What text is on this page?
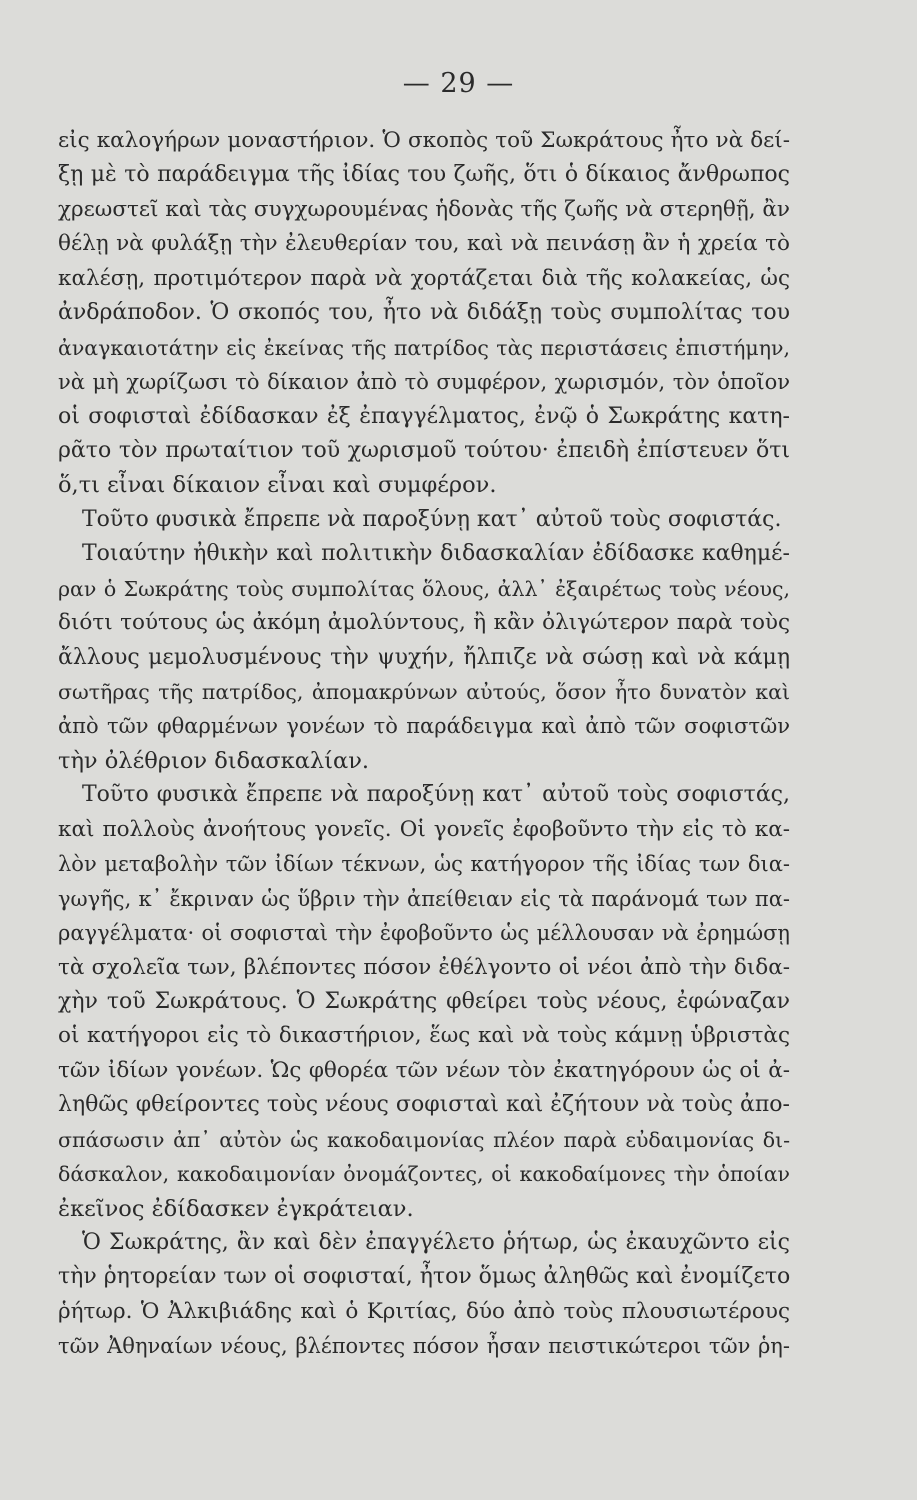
— 29 —
εἰς καλογήρων μοναστήριον. Ὁ σκοπὸς τοῦ Σωκράτους ἦτο νὰ δεί-
ξῃ μὲ τὸ παράδειγμα τῆς ἰδίας του ζωῆς, ὅτι ὁ δίκαιος ἄνθρωπος
χρεωστεῖ καὶ τὰς συγχωρουμένας ἡδονὰς τῆς ζωῆς νὰ στερηθῇ, ἂν
θέλῃ νὰ φυλάξῃ τὴν ἐλευθερίαν του, καὶ νὰ πεινάσῃ ἂν ἡ χρεία τὸ
καλέσῃ, προτιμότερον παρὰ νὰ χορτάζεται διὰ τῆς κολακείας, ὡς
ἀνδράποδον. Ὁ σκοπός του, ἦτο νὰ διδάξῃ τοὺς συμπολίτας του
ἀναγκαιοτάτην εἰς ἐκείνας τῆς πατρίδος τὰς περιστάσεις ἐπιστήμην,
νὰ μὴ χωρίζωσι τὸ δίκαιον ἀπὸ τὸ συμφέρον, χωρισμόν, τὸν ὁποῖον
οἱ σοφισταὶ ἐδίδασκαν ἐξ ἐπαγγέλματος, ἐνῷ ὁ Σωκράτης κατη-
ρᾶτο τὸν πρωταίτιον τοῦ χωρισμοῦ τούτου· ἐπειδὴ ἐπίστευεν ὅτι
ὅ,τι εἶναι δίκαιον εἶναι καὶ συμφέρον.
Τοῦτο φυσικὰ ἔπρεπε νὰ παροξύνῃ κατ᾽ αὐτοῦ τοὺς σοφιστάς.
Τοιαύτην ἠθικὴν καὶ πολιτικὴν διδασκαλίαν ἐδίδασκε καθημέ-
ραν ὁ Σωκράτης τοὺς συμπολίτας ὅλους, ἀλλ᾽ ἐξαιρέτως τοὺς νέους,
διότι τούτους ὡς ἀκόμη ἀμολύντους, ἢ κἂν ὀλιγώτερον παρὰ τοὺς
ἄλλους μεμολυσμένους τὴν ψυχήν, ἤλπιζε νὰ σώσῃ καὶ νὰ κάμῃ
σωτῆρας τῆς πατρίδος, ἀπομακρύνων αὐτούς, ὅσον ἦτο δυνατὸν καὶ
ἀπὸ τῶν φθαρμένων γονέων τὸ παράδειγμα καὶ ἀπὸ τῶν σοφιστῶν
τὴν ὀλέθριον διδασκαλίαν.
Τοῦτο φυσικὰ ἔπρεπε νὰ παροξύνῃ κατ᾽ αὐτοῦ τοὺς σοφιστάς,
καὶ πολλοὺς ἀνοήτους γονεῖς. Οἱ γονεῖς ἐφοβοῦντο τὴν εἰς τὸ κα-
λὸν μεταβολὴν τῶν ἰδίων τέκνων, ὡς κατήγορον τῆς ἰδίας των δια-
γωγῆς, κ᾽ ἔκριναν ὡς ὕβριν τὴν ἀπείθειαν εἰς τὰ παράνομά των πα-
ραγγέλματα· οἱ σοφισταὶ τὴν ἐφοβοῦντο ὡς μέλλουσαν νὰ ἐρημώσῃ
τὰ σχολεῖα των, βλέποντες πόσον ἐθέλγοντο οἱ νέοι ἀπὸ τὴν διδα-
χὴν τοῦ Σωκράτους. Ὁ Σωκράτης φθείρει τοὺς νέους, ἐφώναζαν
οἱ κατήγοροι εἰς τὸ δικαστήριον, ἕως καὶ νὰ τοὺς κάμνῃ ὑβριστὰς
τῶν ἰδίων γονέων. Ὡς φθορέα τῶν νέων τὸν ἐκατηγόρουν ὡς οἱ ἀ-
ληθῶς φθείροντες τοὺς νέους σοφισταὶ καὶ ἐζήτουν νὰ τοὺς ἀπο-
σπάσωσιν ἀπ᾽ αὐτὸν ὡς κακοδαιμονίας πλέον παρὰ εὐδαιμονίας δι-
δάσκαλον, κακοδαιμονίαν ὀνομάζοντες, οἱ κακοδαίμονες τὴν ὁποίαν
ἐκεῖνος ἐδίδασκεν ἐγκράτειαν.
Ὁ Σωκράτης, ἂν καὶ δὲν ἐπαγγέλετο ῥήτωρ, ὡς ἐκαυχῶντο εἰς
τὴν ῥητορείαν των οἱ σοφισταί, ἦτον ὅμως ἀληθῶς καὶ ἐνομίζετο
ῥήτωρ. Ὁ Ἀλκιβιάδης καὶ ὁ Κριτίας, δύο ἀπὸ τοὺς πλουσιωτέρους
τῶν Ἀθηναίων νέους, βλέποντες πόσον ἦσαν πειστικώτεροι τῶν ῥη-
